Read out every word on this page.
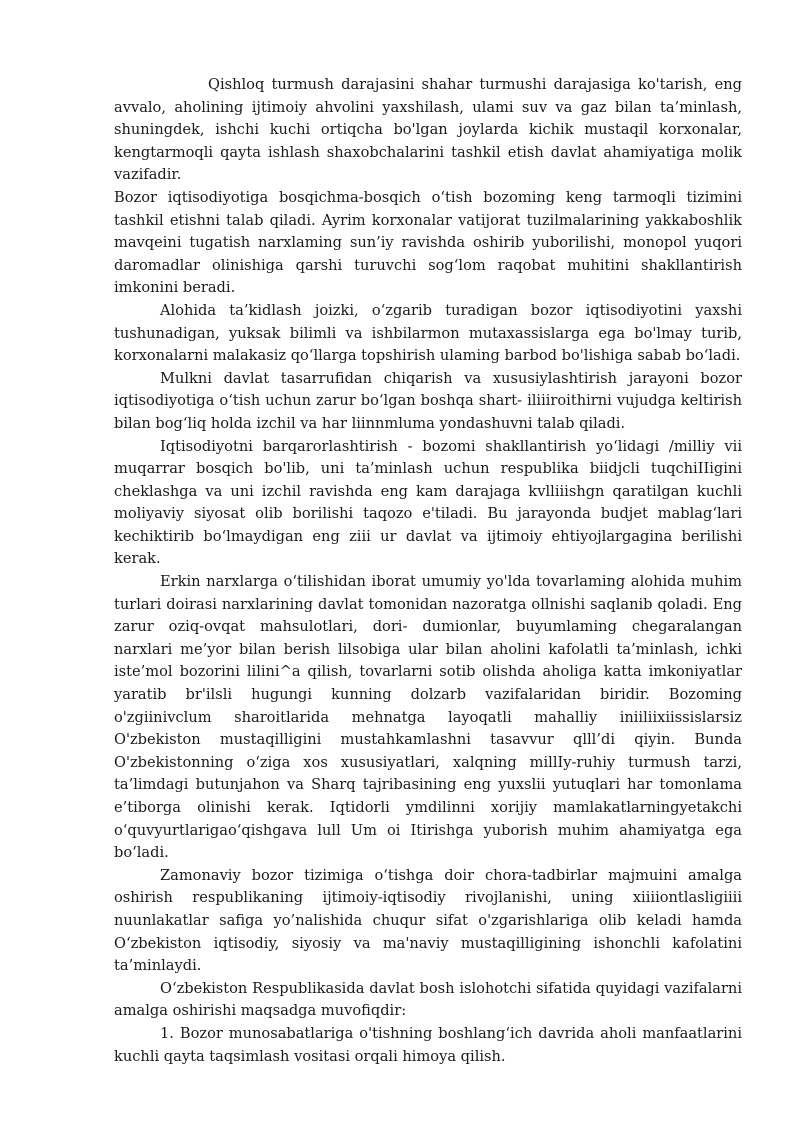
Qishloq turmush darajasini shahar turmushi darajasiga ko'tarish, eng avvalo, aholining ijtimoiy ahvolini yaxshilash, ulami suv va gaz bilan ta’minlash, shuningdek, ishchi kuchi ortiqcha bo'lgan joylarda kichik mustaqil korxonalar, kengtarmoqli qayta ishlash shaxobchalarini tashkil etish davlat ahamiyatiga molik vazifadir.

Bozor iqtisodiyotiga bosqichma-bosqich o‘tish bozoming keng tarmoqli tizimini tashkil etishni talab qiladi. Ayrim korxonalar vatijorat tuzilmalarining yakkaboshlik mavqeini tugatish narxlaming sun’iy ravishda oshirib yuborilishi, monopol yuqori daromadlar olinishiga qarshi turuvchi sog‘lom raqobat muhitini shakllantirish imkonini beradi.

Alohida ta’kidlash joizki, o‘zgarib turadigan bozor iqtisodiyotini yaxshi tushunadigan, yuksak bilimli va ishbilarmon mutaxassislarga ega bo'lmay turib, korxonalarni malakasiz qo‘llarga topshirish ulaming barbod bo'lishiga sabab bo‘ladi.

Mulkni davlat tasarrufidan chiqarish va xususiylashtirish jarayoni bozor iqtisodiyotiga o‘tish uchun zarur bo‘lgan boshqa shart- iliiiroithirni vujudga keltirish bilan bog‘liq holda izchil va har liinnmluma yondashuvni talab qiladi.

Iqtisodiyotni barqarorlashtirish - bozomi shakllantirish yo‘lidagi /milliy vii muqarrar bosqich bo'lib, uni ta’minlash uchun respublika biidjcli tuqchiIIigini cheklashga va uni izchil ravishda eng kam darajaga kvlliiishgn qaratilgan kuchli moliyaviy siyosat olib borilishi taqozo e'tiladi. Bu jarayonda budjet mablag‘lari kechiktirib bo‘lmaydigan eng ziii ur davlat va ijtimoiy ehtiyojlargagina berilishi kerak.

Erkin narxlarga o‘tilishidan iborat umumiy yo'lda tovarlaming alohida muhim turlari doirasi narxlarining davlat tomonidan nazoratga ollnishi saqlanib qoladi. Eng zarur oziq-ovqat mahsulotlari, dori- dumionlar, buyumlaming chegaralangan narxlari me’yor bilan berish lilsobiga ular bilan aholini kafolatli ta’minlash, ichki iste’mol bozorini lilini^a qilish, tovarlarni sotib olishda aholiga katta imkoniyatlar yaratib br'ilsli hugungi kunning dolzarb vazifalaridan biridir. Bozoming o'zgiinivclum sharoitlarida mehnatga layoqatli mahalliy iniiliixiissislarsiz O'zbekiston mustaqilligini mustahkamlashni tasavvur qlll’di qiyin. Bunda O'zbekistonning o‘ziga xos xususiyatlari, xalqning millIy-ruhiy turmush tarzi, ta’limdagi butunjahon va Sharq tajribasining eng yuxslii yutuqlari har tomonlama e’tiborga olinishi kerak. Iqtidorli ymdilinni xorijiy mamlakatlarningyetakchi o‘quvyurtlarigao‘qishgava lull Um oi Itirishga yuborish muhim ahamiyatga ega bo‘ladi.

Zamonaviy bozor tizimiga o‘tishga doir chora-tadbirlar majmuini amalga oshirish respublikaning ijtimoiy-iqtisodiy rivojlanishi, uning xiiiiontlasligiiii nuunlakatlar safiga yo’nalishida chuqur sifat o'zgarishlariga olib keladi hamda O‘zbekiston iqtisodiy, siyosiy va ma'naviy mustaqilligining ishonchli kafolatini ta’minlaydi.

O‘zbekiston Respublikasida davlat bosh islohotchi sifatida quyidagi vazifalarni amalga oshirishi maqsadga muvofiqdir:

1. Bozor munosabatlariga o'tishning boshlang‘ich davrida aholi manfaatlarini kuchli qayta taqsimlash vositasi orqali himoya qilish.
